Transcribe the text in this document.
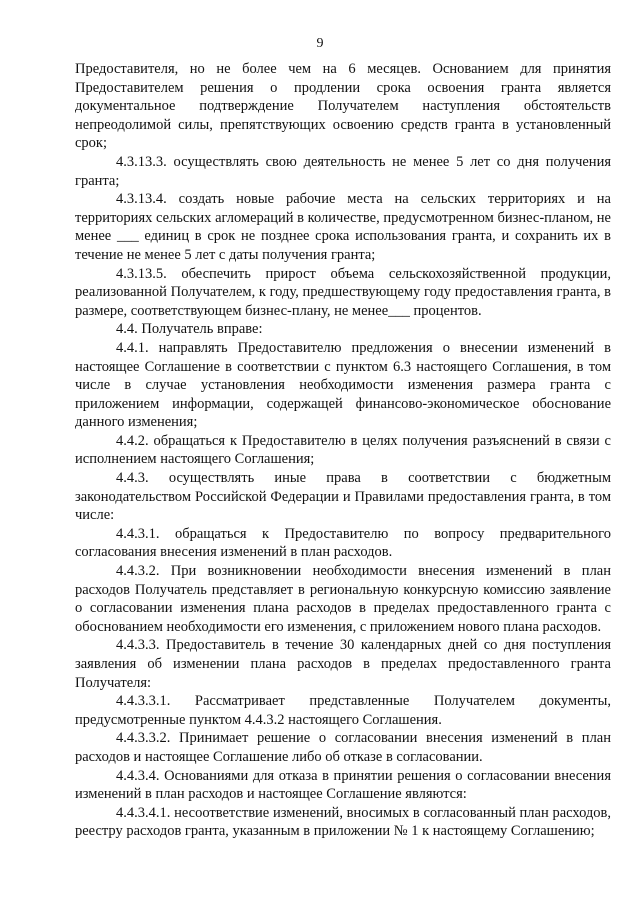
9

Предоставителя, но не более чем на 6 месяцев. Основанием для принятия Предоставителем решения о продлении срока освоения гранта является документальное подтверждение Получателем наступления обстоятельств непреодолимой силы, препятствующих освоению средств гранта в установленный срок;

4.3.13.3. осуществлять свою деятельность не менее 5 лет со дня получения гранта;

4.3.13.4. создать новые рабочие места на сельских территориях и на территориях сельских агломераций в количестве, предусмотренном бизнес-планом, не менее ___ единиц в срок не позднее срока использования гранта, и сохранить их в течение не менее 5 лет с даты получения гранта;

4.3.13.5. обеспечить прирост объема сельскохозяйственной продукции, реализованной Получателем, к году, предшествующему году предоставления гранта, в размере, соответствующем бизнес-плану, не менее___ процентов.

4.4. Получатель вправе:

4.4.1. направлять Предоставителю предложения о внесении изменений в настоящее Соглашение в соответствии с пунктом 6.3 настоящего Соглашения, в том числе в случае установления необходимости изменения размера гранта с приложением информации, содержащей финансово-экономическое обоснование данного изменения;

4.4.2. обращаться к Предоставителю в целях получения разъяснений в связи с исполнением настоящего Соглашения;

4.4.3. осуществлять иные права в соответствии с бюджетным законодательством Российской Федерации и Правилами предоставления гранта, в том числе:

4.4.3.1. обращаться к Предоставителю по вопросу предварительного согласования внесения изменений в план расходов.

4.4.3.2. При возникновении необходимости внесения изменений в план расходов Получатель представляет в региональную конкурсную комиссию заявление о согласовании изменения плана расходов в пределах предоставленного гранта с обоснованием необходимости его изменения, с приложением нового плана расходов.

4.4.3.3. Предоставитель в течение 30 календарных дней со дня поступления заявления об изменении плана расходов в пределах предоставленного гранта Получателя:

4.4.3.3.1. Рассматривает представленные Получателем документы, предусмотренные пунктом 4.4.3.2 настоящего Соглашения.

4.4.3.3.2. Принимает решение о согласовании внесения изменений в план расходов и настоящее Соглашение либо об отказе в согласовании.

4.4.3.4. Основаниями для отказа в принятии решения о согласовании внесения изменений в план расходов и настоящее Соглашение являются:

4.4.3.4.1. несоответствие изменений, вносимых в согласованный план расходов, реестру расходов гранта, указанным в приложении № 1 к настоящему Соглашению;
